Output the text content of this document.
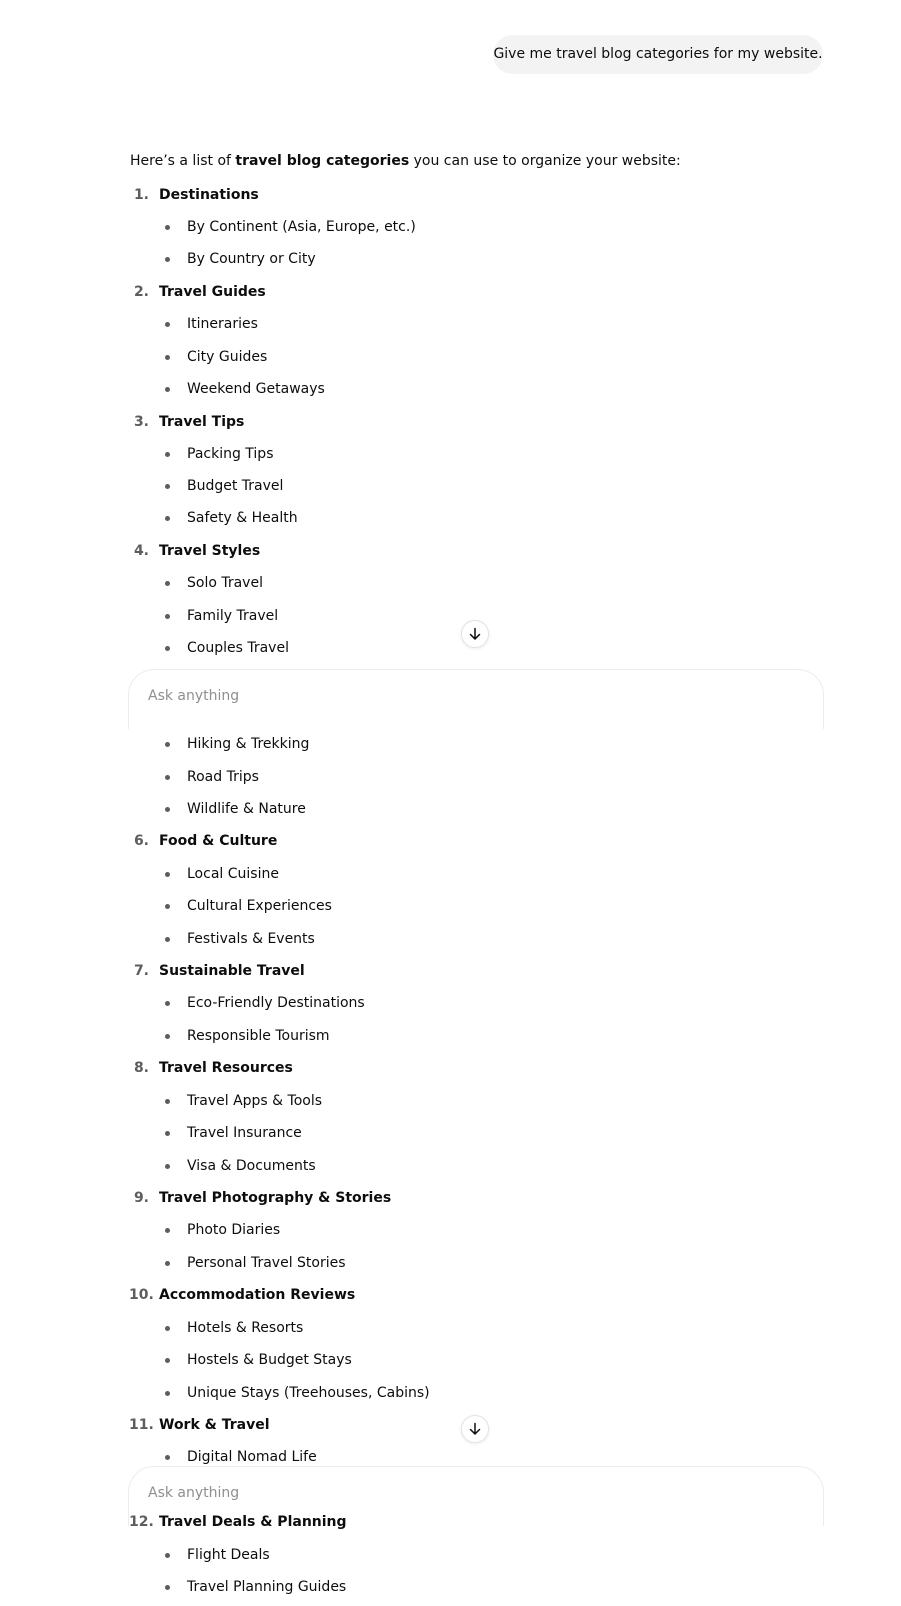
Give me travel blog categories for my website.
Here’s a list of travel blog categories you can use to organize your website:
1. Destinations
By Continent (Asia, Europe, etc.)
By Country or City
2. Travel Guides
Itineraries
City Guides
Weekend Getaways
3. Travel Tips
Packing Tips
Budget Travel
Safety & Health
4. Travel Styles
Solo Travel
Family Travel
Couples Travel
Ask anything
Hiking & Trekking
Road Trips
Wildlife & Nature
6. Food & Culture
Local Cuisine
Cultural Experiences
Festivals & Events
7. Sustainable Travel
Eco-Friendly Destinations
Responsible Tourism
8. Travel Resources
Travel Apps & Tools
Travel Insurance
Visa & Documents
9. Travel Photography & Stories
Photo Diaries
Personal Travel Stories
10. Accommodation Reviews
Hotels & Resorts
Hostels & Budget Stays
Unique Stays (Treehouses, Cabins)
11. Work & Travel
Digital Nomad Life
Ask anything
12. Travel Deals & Planning
Flight Deals
Travel Planning Guides
